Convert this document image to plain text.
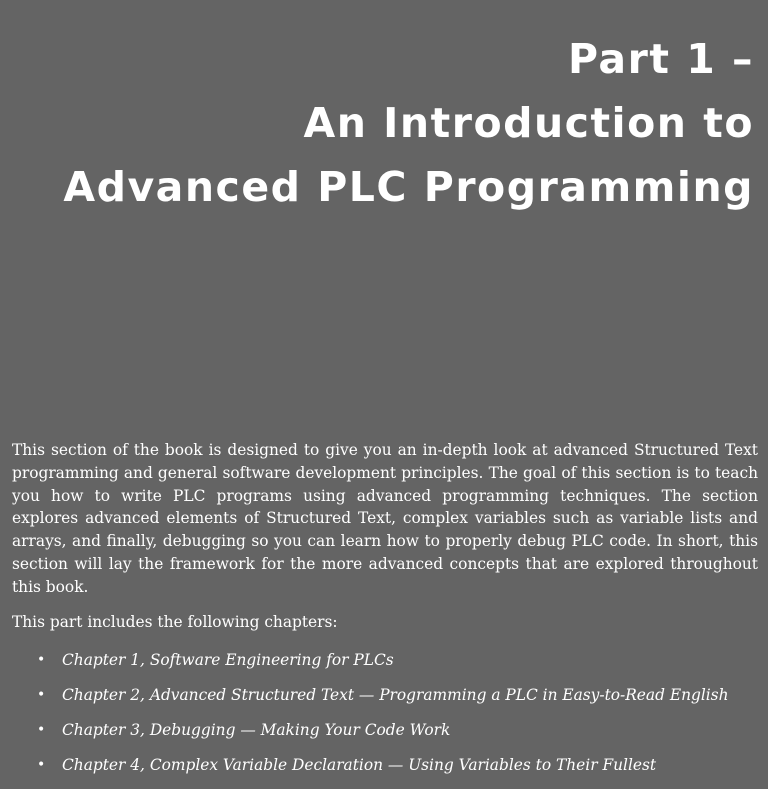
Part 1 –
An Introduction to
Advanced PLC Programming

This section of the book is designed to give you an in-depth look at advanced Structured Text programming and general software development principles. The goal of this section is to teach you how to write PLC programs using advanced programming techniques. The section explores advanced elements of Structured Text, complex variables such as variable lists and arrays, and finally, debugging so you can learn how to properly debug PLC code. In short, this section will lay the framework for the more advanced concepts that are explored throughout this book.

This part includes the following chapters:

• Chapter 1, Software Engineering for PLCs
• Chapter 2, Advanced Structured Text — Programming a PLC in Easy-to-Read English
• Chapter 3, Debugging — Making Your Code Work
• Chapter 4, Complex Variable Declaration — Using Variables to Their Fullest
